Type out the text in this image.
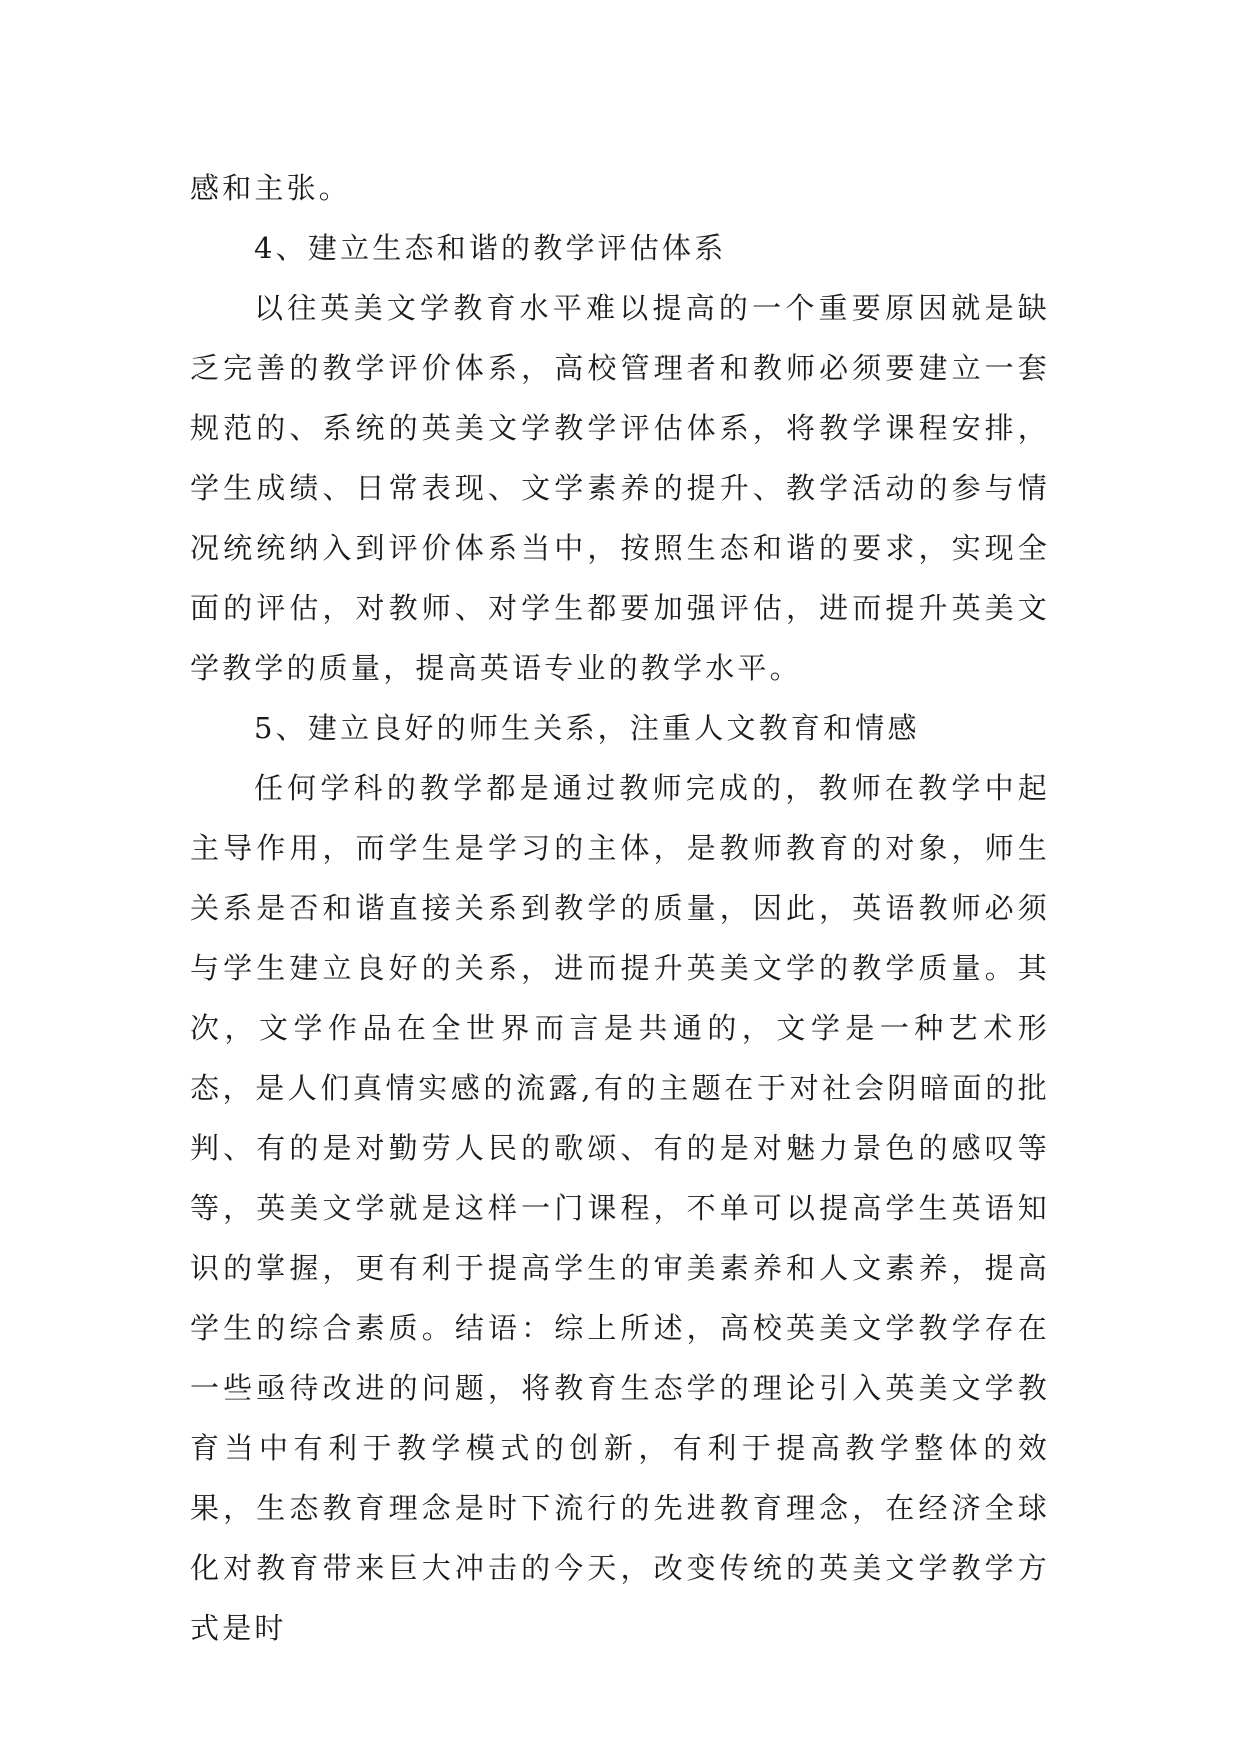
感和主张。

4、建立生态和谐的教学评估体系

以往英美文学教育水平难以提高的一个重要原因就是缺乏完善的教学评价体系，高校管理者和教师必须要建立一套规范的、系统的英美文学教学评估体系，将教学课程安排，学生成绩、日常表现、文学素养的提升、教学活动的参与情况统统纳入到评价体系当中，按照生态和谐的要求，实现全面的评估，对教师、对学生都要加强评估，进而提升英美文学教学的质量，提高英语专业的教学水平。

5、建立良好的师生关系，注重人文教育和情感

任何学科的教学都是通过教师完成的，教师在教学中起主导作用，而学生是学习的主体，是教师教育的对象，师生关系是否和谐直接关系到教学的质量，因此，英语教师必须与学生建立良好的关系，进而提升英美文学的教学质量。其次，文学作品在全世界而言是共通的，文学是一种艺术形态，是人们真情实感的流露,有的主题在于对社会阴暗面的批判、有的是对勤劳人民的歌颂、有的是对魅力景色的感叹等等，英美文学就是这样一门课程，不单可以提高学生英语知识的掌握，更有利于提高学生的审美素养和人文素养，提高学生的综合素质。结语：综上所述，高校英美文学教学存在一些亟待改进的问题，将教育生态学的理论引入英美文学教育当中有利于教学模式的创新，有利于提高教学整体的效果，生态教育理念是时下流行的先进教育理念，在经济全球化对教育带来巨大冲击的今天，改变传统的英美文学教学方式是时
